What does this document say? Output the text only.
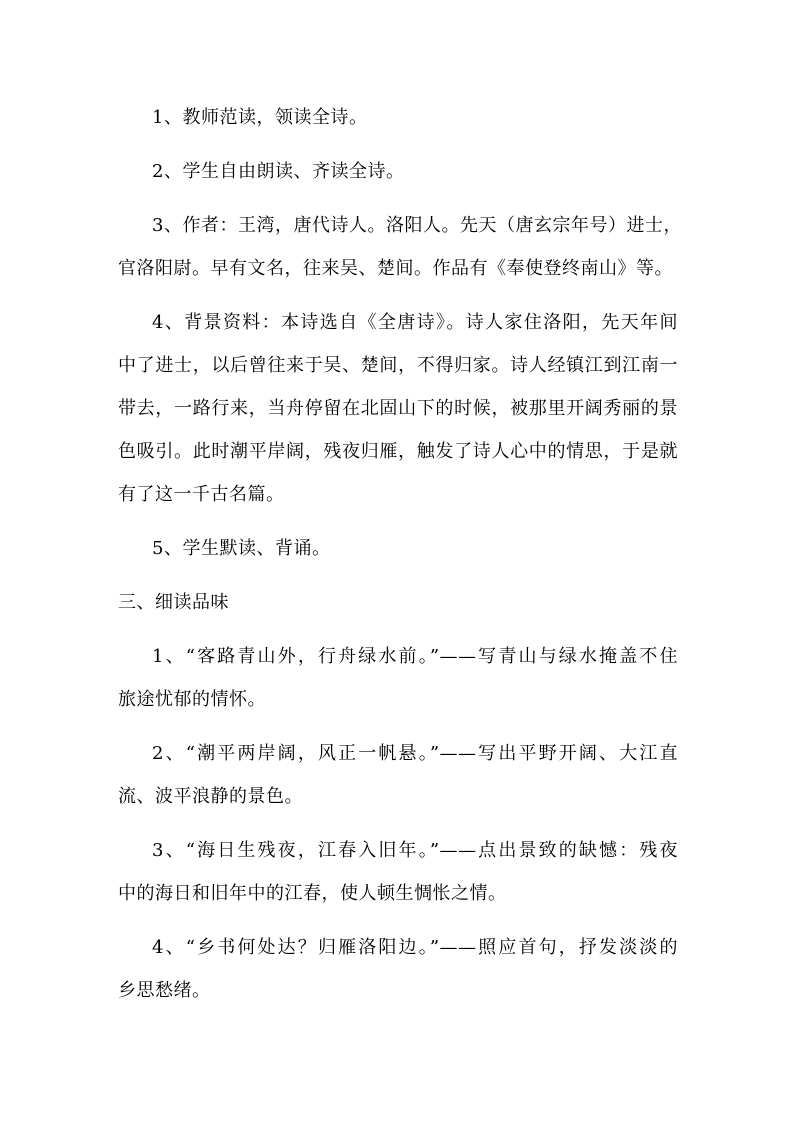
1、教师范读，领读全诗。
2、学生自由朗读、齐读全诗。
3、作者：王湾，唐代诗人。洛阳人。先天（唐玄宗年号）进士，
官洛阳尉。早有文名，往来吴、楚间。作品有《奉使登终南山》等。
4、背景资料：本诗选自《全唐诗》。诗人家住洛阳，先天年间
中了进士，以后曾往来于吴、楚间，不得归家。诗人经镇江到江南一
带去，一路行来，当舟停留在北固山下的时候，被那里开阔秀丽的景
色吸引。此时潮平岸阔，残夜归雁，触发了诗人心中的情思，于是就
有了这一千古名篇。
5、学生默读、背诵。
三、细读品味
1、“客路青山外，行舟绿水前。”——写青山与绿水掩盖不住
旅途忧郁的情怀。
2、“潮平两岸阔，风正一帆悬。”——写出平野开阔、大江直
流、波平浪静的景色。
3、“海日生残夜，江春入旧年。”——点出景致的缺憾：残夜
中的海日和旧年中的江春，使人顿生惆怅之情。
4、“乡书何处达？归雁洛阳边。”——照应首句，抒发淡淡的
乡思愁绪。
